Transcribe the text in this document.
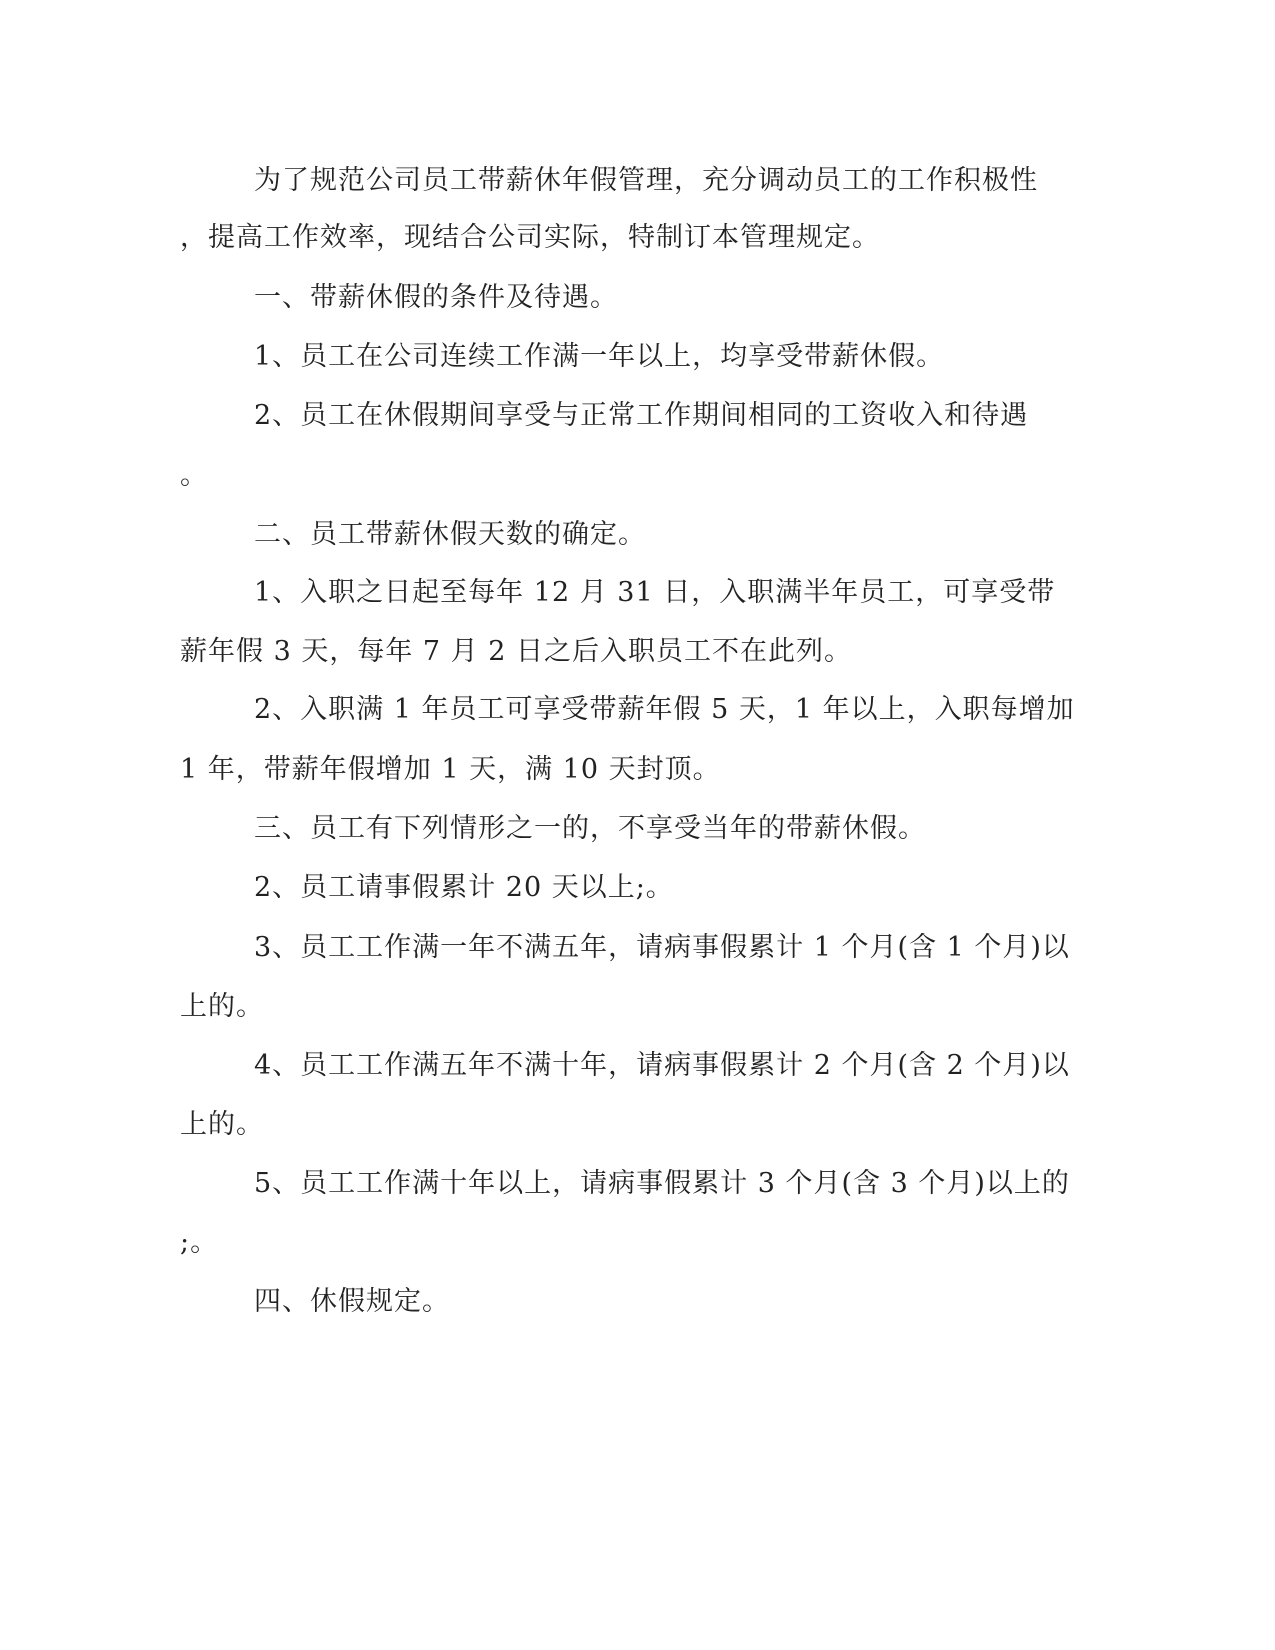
为了规范公司员工带薪休年假管理，充分调动员工的工作积极性

，提高工作效率，现结合公司实际，特制订本管理规定。

一、带薪休假的条件及待遇。

1、员工在公司连续工作满一年以上，均享受带薪休假。

2、员工在休假期间享受与正常工作期间相同的工资收入和待遇

。

二、员工带薪休假天数的确定。

1、入职之日起至每年 12 月 31 日，入职满半年员工，可享受带

薪年假 3 天，每年 7 月 2 日之后入职员工不在此列。

2、入职满 1 年员工可享受带薪年假 5 天，1 年以上，入职每增加

1 年，带薪年假增加 1 天，满 10 天封顶。

三、员工有下列情形之一的，不享受当年的带薪休假。

2、员工请事假累计 20 天以上;。

3、员工工作满一年不满五年，请病事假累计 1 个月(含 1 个月)以

上的。

4、员工工作满五年不满十年，请病事假累计 2 个月(含 2 个月)以

上的。

5、员工工作满十年以上，请病事假累计 3 个月(含 3 个月)以上的

;。

四、休假规定。
